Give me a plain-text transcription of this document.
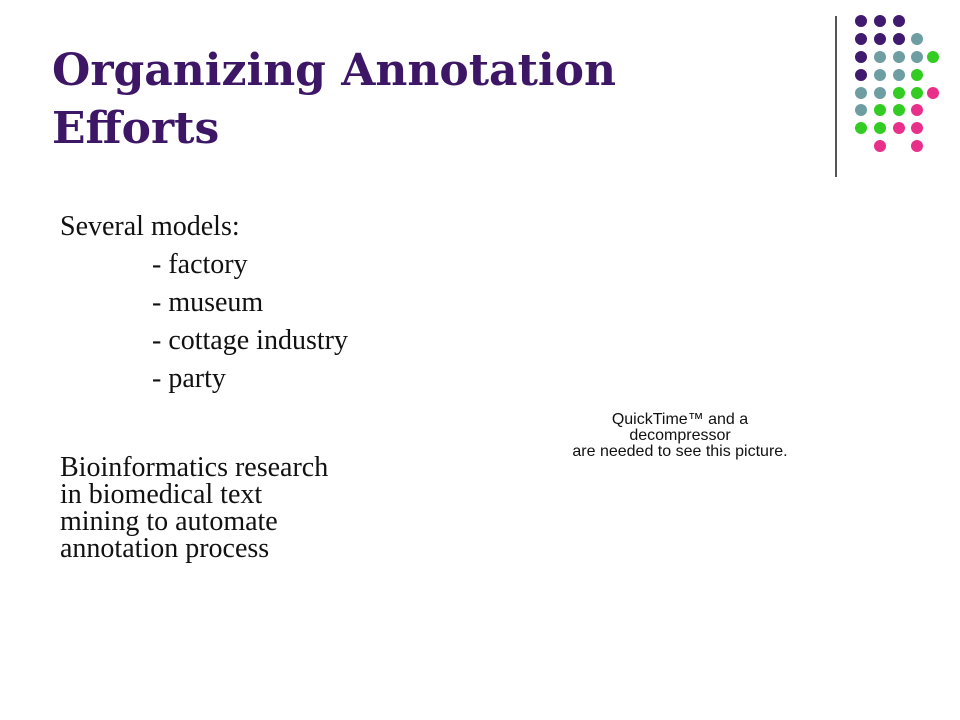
Organizing Annotation
Efforts

Several models:

- factory
- museum
- cottage industry
- party
Bioinformatics research
in biomedical text
mining to automate
annotation process
QuickTime™ and a
decompressor
are needed to see this picture.
